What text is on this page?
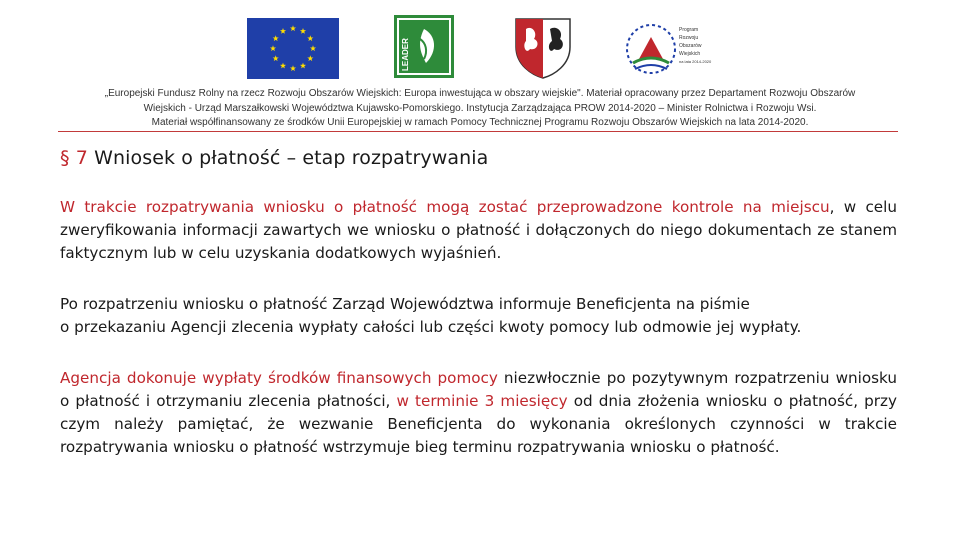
LEADER
Program
Rozwoju
Obszarów
Wiejskich
na lata 2014-2020
„Europejski Fundusz Rolny na rzecz Rozwoju Obszarów Wiejskich: Europa inwestująca w obszary wiejskie". Materiał opracowany przez Departament Rozwoju Obszarów
Wiejskich - Urząd Marszałkowski Województwa Kujawsko-Pomorskiego. Instytucja Zarządzająca PROW 2014-2020 – Minister Rolnictwa i Rozwoju Wsi.
Materiał współfinansowany ze środków Unii Europejskiej w ramach Pomocy Technicznej Programu Rozwoju Obszarów Wiejskich na lata 2014-2020.
§ 7 Wniosek o płatność – etap rozpatrywania
W trakcie rozpatrywania wniosku o płatność mogą zostać przeprowadzone kontrole na miejscu, w celu zweryfikowania informacji zawartych we wniosku o płatność i dołączonych do niego dokumentach ze stanem faktycznym lub w celu uzyskania dodatkowych wyjaśnień.
Po rozpatrzeniu wniosku o płatność Zarząd Województwa informuje Beneficjenta na piśmie
o przekazaniu Agencji zlecenia wypłaty całości lub części kwoty pomocy lub odmowie jej wypłaty.
Agencja dokonuje wypłaty środków finansowych pomocy niezwłocznie po pozytywnym rozpatrzeniu wniosku o płatność i otrzymaniu zlecenia płatności, w terminie 3 miesięcy od dnia złożenia wniosku o płatność, przy czym należy pamiętać, że wezwanie Beneficjenta do wykonania określonych czynności w trakcie rozpatrywania wniosku o płatność wstrzymuje bieg terminu rozpatrywania wniosku o płatność.
